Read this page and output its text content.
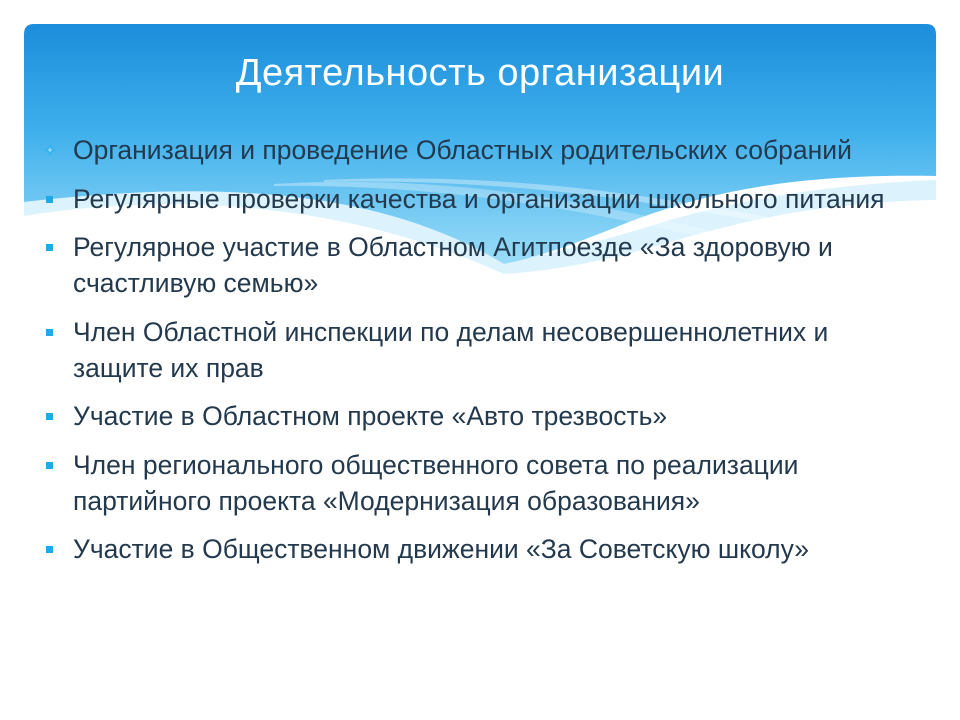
Деятельность организации
Организация и проведение Областных родительских собраний
Регулярные проверки качества и организации школьного питания
Регулярное участие в Областном Агитпоезде «За здоровую и счастливую семью»
Член Областной инспекции по делам несовершеннолетних и защите их прав
Участие в Областном проекте «Авто трезвость»
Член регионального общественного совета по реализации партийного проекта «Модернизация образования»
Участие в Общественном движении «За Советскую школу»
